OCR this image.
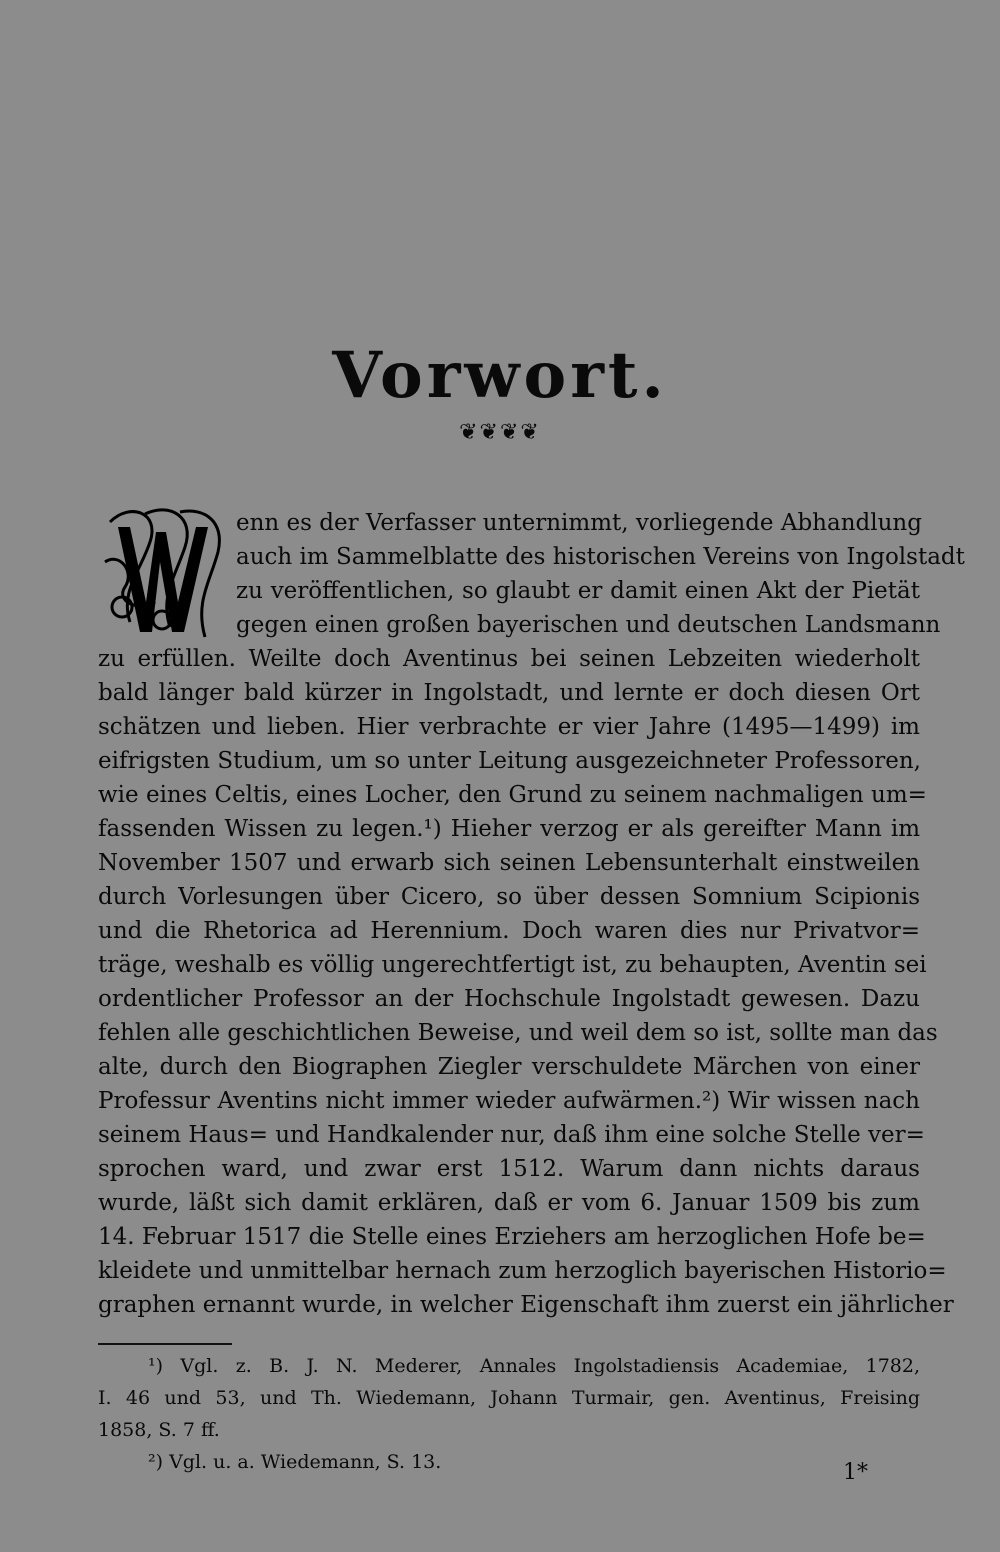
Vorwort.
❦❦❦❦
enn es der Verfasser unternimmt, vorliegende Abhandlung
auch im Sammelblatte des historischen Vereins von Ingolstadt
zu veröffentlichen, so glaubt er damit einen Akt der Pietät
gegen einen großen bayerischen und deutschen Landsmann
zu erfüllen. Weilte doch Aventinus bei seinen Lebzeiten wiederholt
bald länger bald kürzer in Ingolstadt, und lernte er doch diesen Ort
schätzen und lieben. Hier verbrachte er vier Jahre (1495—1499) im
eifrigsten Studium, um so unter Leitung ausgezeichneter Professoren,
wie eines Celtis, eines Locher, den Grund zu seinem nachmaligen um=
fassenden Wissen zu legen.¹) Hieher verzog er als gereifter Mann im
November 1507 und erwarb sich seinen Lebensunterhalt einstweilen
durch Vorlesungen über Cicero, so über dessen Somnium Scipionis
und die Rhetorica ad Herennium. Doch waren dies nur Privatvor=
träge, weshalb es völlig ungerechtfertigt ist, zu behaupten, Aventin sei
ordentlicher Professor an der Hochschule Ingolstadt gewesen. Dazu
fehlen alle geschichtlichen Beweise, und weil dem so ist, sollte man das
alte, durch den Biographen Ziegler verschuldete Märchen von einer
Professur Aventins nicht immer wieder aufwärmen.²) Wir wissen nach
seinem Haus= und Handkalender nur, daß ihm eine solche Stelle ver=
sprochen ward, und zwar erst 1512. Warum dann nichts daraus
wurde, läßt sich damit erklären, daß er vom 6. Januar 1509 bis zum
14. Februar 1517 die Stelle eines Erziehers am herzoglichen Hofe be=
kleidete und unmittelbar hernach zum herzoglich bayerischen Historio=
graphen ernannt wurde, in welcher Eigenschaft ihm zuerst ein jährlicher
¹) Vgl. z. B. J. N. Mederer, Annales Ingolstadiensis Academiae, 1782,
I. 46 und 53, und Th. Wiedemann, Johann Turmair, gen. Aventinus, Freising
1858, S. 7 ff.
²) Vgl. u. a. Wiedemann, S. 13.	1*
